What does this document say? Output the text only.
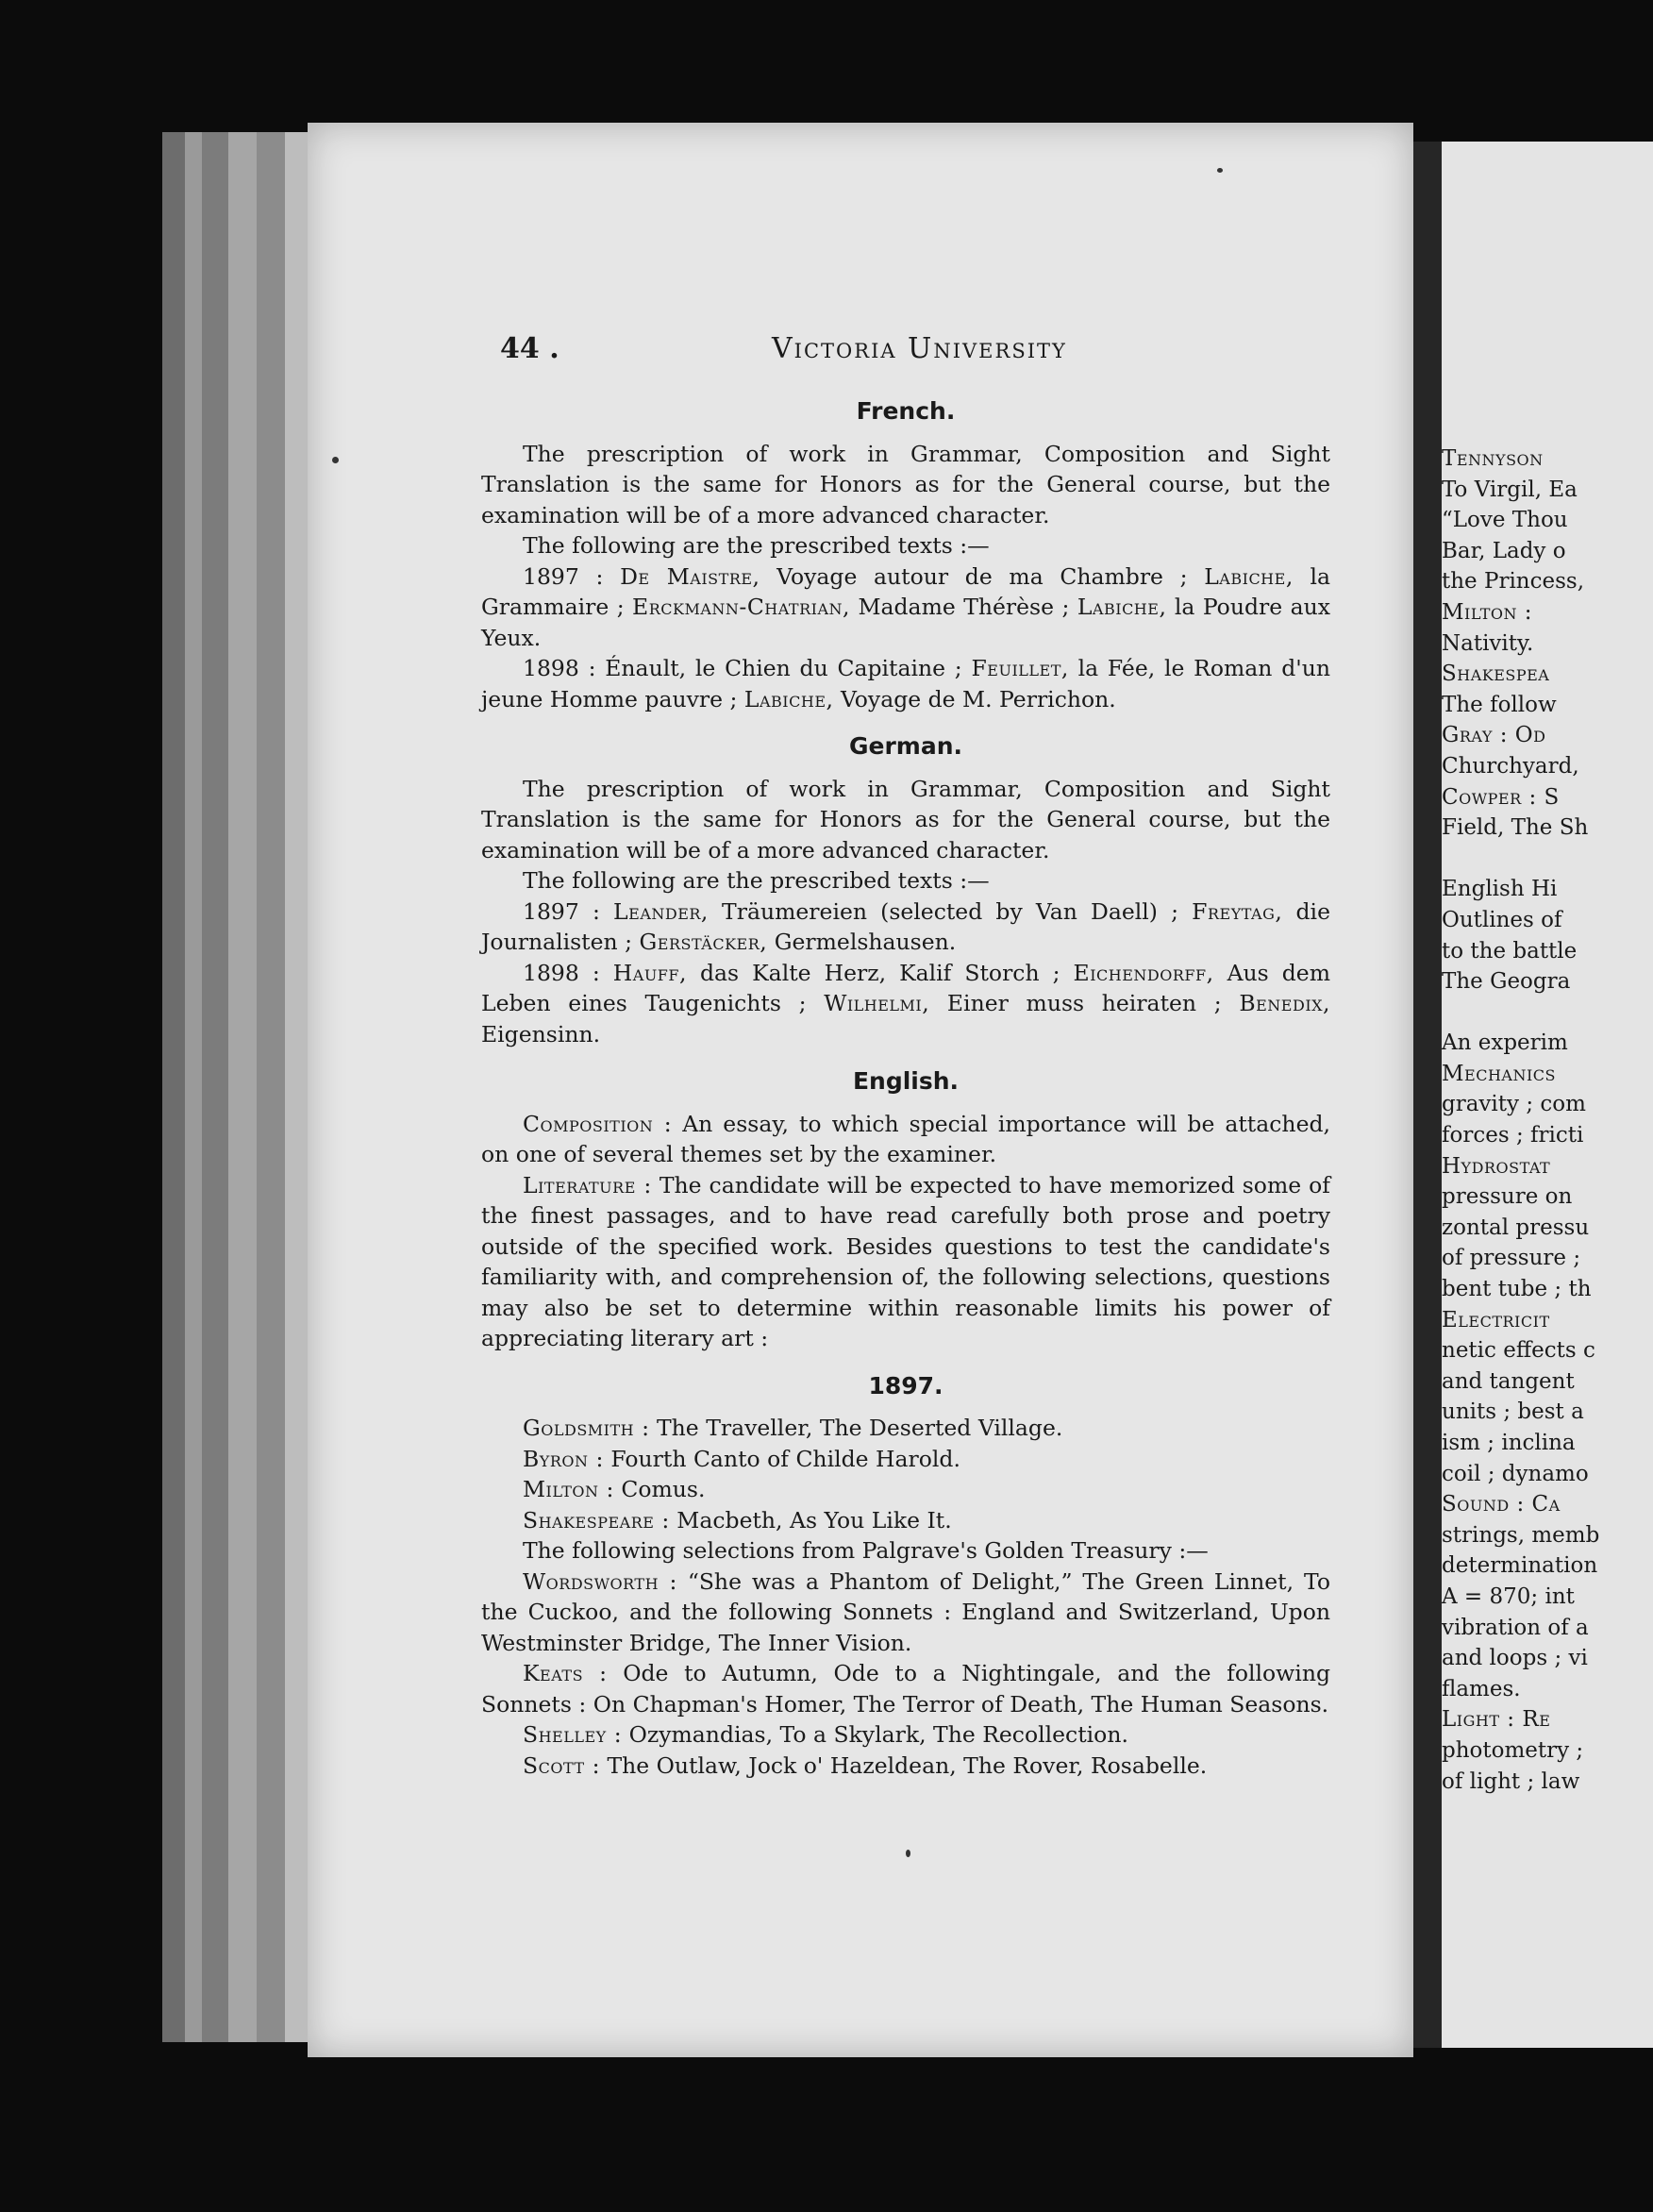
Tennyson
To Virgil, Ea
“Love Thou
Bar, Lady o
the Princess,
Milton :
Nativity.
Shakespea
The follow
Gray : Od
Churchyard,
Cowper : S
Field, The Sh
English Hi
Outlines of
to the battle
The Geogra
An experim
Mechanics
gravity ; com
forces ; fricti
Hydrostat
pressure on
zontal pressu
of pressure ;
bent tube ; th
Electricit
netic effects c
and tangent
units ; best a
ism ; inclina
coil ; dynamo
Sound : Ca
strings, memb
determination
A = 870; int
vibration of a
and loops ; vi
flames.
Light : Re
photometry ;
of light ; law
44 .	Victoria University

French.

The prescription of work in Grammar, Composition and Sight Translation is the same for Honors as for the General course, but the examination will be of a more advanced character.

The following are the prescribed texts :—

1897 : De Maistre, Voyage autour de ma Chambre ; Labiche, la Grammaire ; Erckmann-Chatrian, Madame Thérèse ; Labiche, la Poudre aux Yeux.

1898 : Énault, le Chien du Capitaine ; Feuillet, la Fée, le Roman d'un jeune Homme pauvre ; Labiche, Voyage de M. Perrichon.

German.

The prescription of work in Grammar, Composition and Sight Translation is the same for Honors as for the General course, but the examination will be of a more advanced character.

The following are the prescribed texts :—

1897 : Leander, Träumereien (selected by Van Daell) ; Freytag, die Journalisten ; Gerstäcker, Germelshausen.

1898 : Hauff, das Kalte Herz, Kalif Storch ; Eichendorff, Aus dem Leben eines Taugenichts ; Wilhelmi, Einer muss heiraten ; Benedix, Eigensinn.

English.

Composition : An essay, to which special importance will be attached, on one of several themes set by the examiner.

Literature : The candidate will be expected to have memorized some of the finest passages, and to have read carefully both prose and poetry outside of the specified work. Besides questions to test the candidate's familiarity with, and comprehension of, the following selections, questions may also be set to determine within reasonable limits his power of appreciating literary art :

1897.

Goldsmith : The Traveller, The Deserted Village.

Byron : Fourth Canto of Childe Harold.

Milton : Comus.

Shakespeare : Macbeth, As You Like It.

The following selections from Palgrave's Golden Treasury :—

Wordsworth : “She was a Phantom of Delight,” The Green Linnet, To the Cuckoo, and the following Sonnets : England and Switzerland, Upon Westminster Bridge, The Inner Vision.

Keats : Ode to Autumn, Ode to a Nightingale, and the following Sonnets : On Chapman's Homer, The Terror of Death, The Human Seasons.

Shelley : Ozymandias, To a Skylark, The Recollection.

Scott : The Outlaw, Jock o' Hazeldean, The Rover, Rosabelle.
